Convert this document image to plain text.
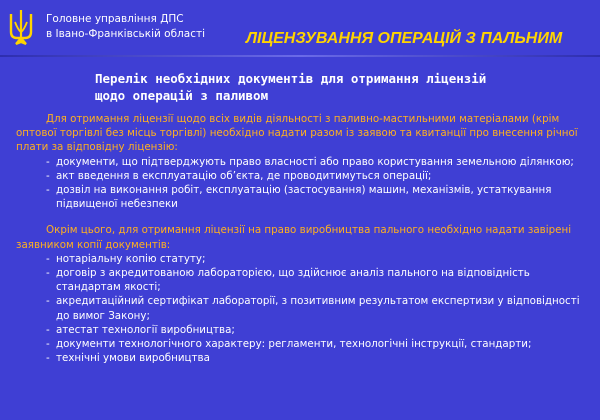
Головне управління ДПС
в Івано-Франківській області	ЛІЦЕНЗУВАННЯ ОПЕРАЦІЙ З ПАЛЬНИМ
Перелік необхідних документів для отримання ліцензій
щодо операцій з паливом

Для отримання ліцензії щодо всіх видів діяльності з паливно-мастильними матеріалами (крім оптової торгівлі без місць торгівлі) необхідно надати разом із заявою та квитанції про внесення річної плати за відповідну ліцензію:

- документи, що підтверджують право власності або право користування земельною ділянкою;
- акт введення в експлуатацію об’єкта, де проводитимуться операції;
- дозвіл на виконання робіт, експлуатацію (застосування) машин, механізмів, устаткування підвищеної небезпеки

Окрім цього, для отримання ліцензії на право виробництва пального необхідно надати завірені заявником копії документів:

- нотаріальну копію статуту;
- договір з акредитованою лабораторією, що здійснює аналіз пального на відповідність стандартам якості;
- акредитаційний сертифікат лабораторії, з позитивним результатом експертизи у відповідності до вимог Закону;
- атестат технології виробництва;
- документи технологічного характеру: регламенти, технологічні інструкції, стандарти;
- технічні умови виробництва
